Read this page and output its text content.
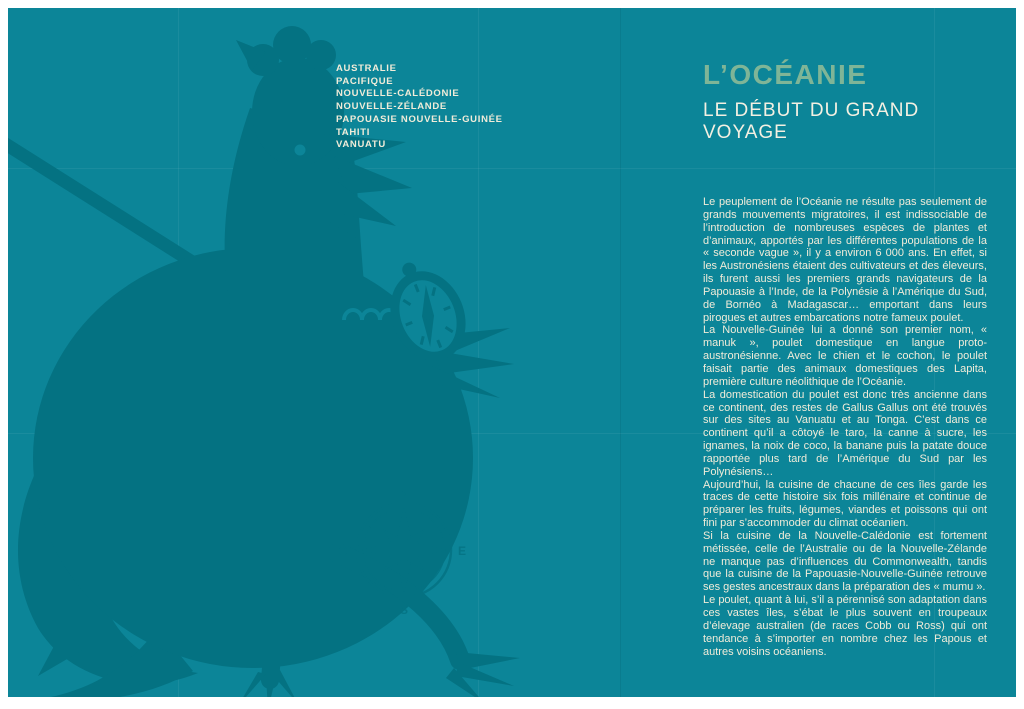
N
S
O	E
AUSTRALIE
PACIFIQUE
NOUVELLE-CALÉDONIE
NOUVELLE-ZÉLANDE
PAPOUASIE NOUVELLE-GUINÉE
TAHITI
VANUATU
L’OCÉANIE
LE DÉBUT DU GRAND VOYAGE

Le peuplement de l’Océanie ne résulte pas seulement de grands mouvements migratoires, il est indissociable de l’introduction de nombreuses espèces de plantes et d’animaux, apportés par les différentes populations de la « seconde vague », il y a environ 6 000 ans. En effet, si les Austronésiens étaient des cultivateurs et des éleveurs, ils furent aussi les premiers grands navigateurs de la Papouasie à l’Inde, de la Polynésie à l’Amérique du Sud, de Bornéo à Madagascar… emportant dans leurs pirogues et autres embarcations notre fameux poulet.

La Nouvelle-Guinée lui a donné son premier nom, « manuk », poulet domestique en langue proto-austronésienne. Avec le chien et le cochon, le poulet faisait partie des animaux domestiques des Lapita, première culture néolithique de l’Océanie.

La domestication du poulet est donc très ancienne dans ce continent, des restes de Gallus Gallus ont été trouvés sur des sites au Vanuatu et au Tonga. C’est dans ce continent qu’il a côtoyé le taro, la canne à sucre, les ignames, la noix de coco, la banane puis la patate douce rapportée plus tard de l’Amérique du Sud par les Polynésiens…

Aujourd’hui, la cuisine de chacune de ces îles garde les traces de cette histoire six fois millénaire et continue de préparer les fruits, légumes, viandes et poissons qui ont fini par s’accommoder du climat océanien.

Si la cuisine de la Nouvelle-Calédonie est fortement métissée, celle de l’Australie ou de la Nouvelle-Zélande ne manque pas d’influences du Commonwealth, tandis que la cuisine de la Papouasie-Nouvelle-Guinée retrouve ses gestes ancestraux dans la préparation des « mumu ».

Le poulet, quant à lui, s’il a pérennisé son adaptation dans ces vastes îles, s’ébat le plus souvent en troupeaux d’élevage australien (de races Cobb ou Ross) qui ont tendance à s’importer en nombre chez les Papous et autres voisins océaniens.
